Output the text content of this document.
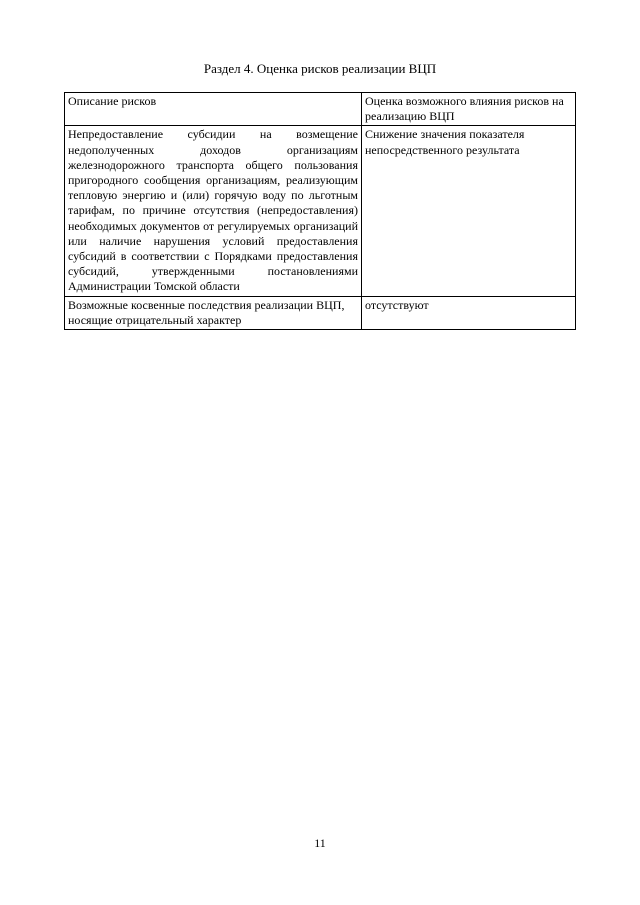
Раздел 4. Оценка рисков реализации ВЦП
Описание рисков	Оценка возможного влияния рисков на реализацию ВЦП
Непредоставление субсидии на возмещение недополученных доходов организациям железнодорожного транспорта общего пользования пригородного сообщения организациям, реализующим тепловую энергию и (или) горячую воду по льготным тарифам, по причине отсутствия (непредоставления) необходимых документов от регулируемых организаций или наличие нарушения условий предоставления субсидий в соответствии с Порядками предоставления субсидий, утвержденными постановлениями Администрации Томской области	Снижение значения показателя непосредственного результата
Возможные косвенные последствия реализации ВЦП, носящие отрицательный характер	отсутствуют
11
